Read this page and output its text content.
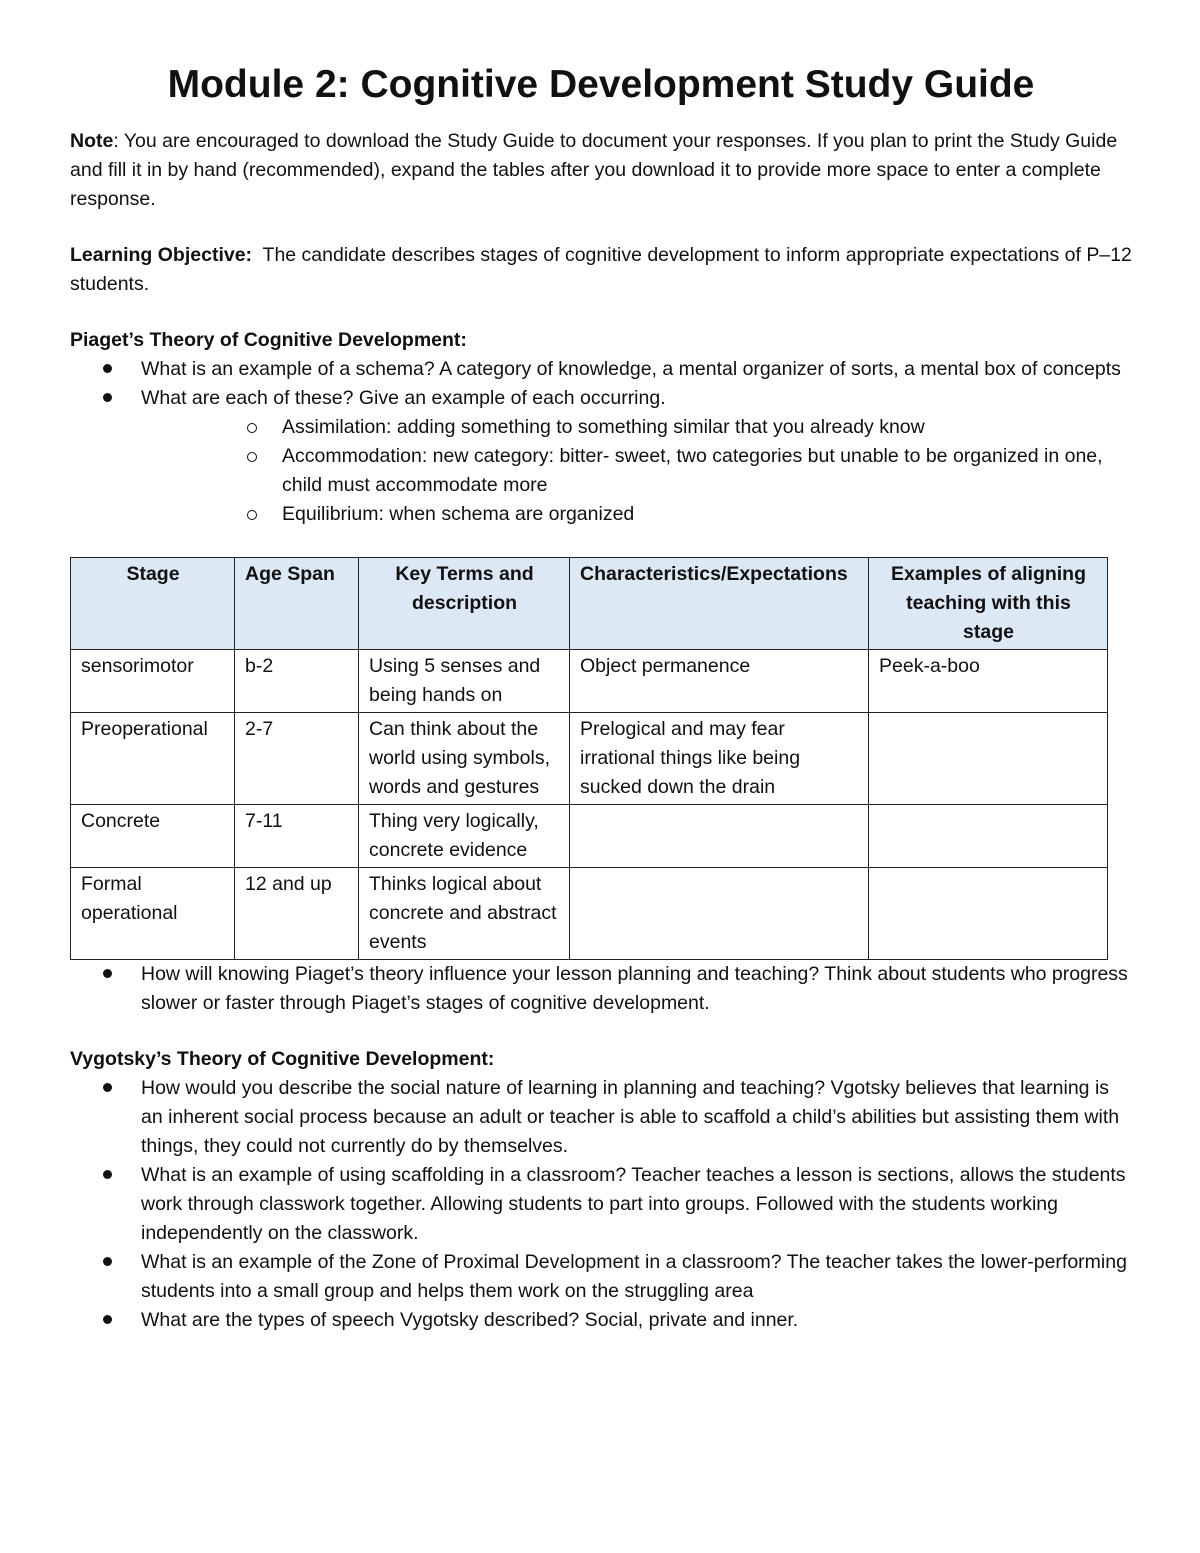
Module 2: Cognitive Development Study Guide

Note: You are encouraged to download the Study Guide to document your responses. If you plan to print the Study Guide and fill it in by hand (recommended), expand the tables after you download it to provide more space to enter a complete response.

Learning Objective: The candidate describes stages of cognitive development to inform appropriate expectations of P–12 students.

Piaget’s Theory of Cognitive Development:

What is an example of a schema? A category of knowledge, a mental organizer of sorts, a mental box of concepts
What are each of these? Give an example of each occurring.
Assimilation: adding something to something similar that you already know
Accommodation: new category: bitter- sweet, two categories but unable to be organized in one, child must accommodate more
Equilibrium: when schema are organized
Stage	Age Span	Key Terms and description	Characteristics/Expectations	Examples of aligning teaching with this stage
sensorimotor	b-2	Using 5 senses and being hands on	Object permanence	Peek-a-boo
Preoperational	2-7	Can think about the world using symbols, words and gestures	Prelogical and may fear irrational things like being sucked down the drain	
Concrete	7-11	Thing very logically, concrete evidence		
Formal operational	12 and up	Thinks logical about concrete and abstract events		
How will knowing Piaget’s theory influence your lesson planning and teaching? Think about students who progress slower or faster through Piaget’s stages of cognitive development.

Vygotsky’s Theory of Cognitive Development:

How would you describe the social nature of learning in planning and teaching? Vgotsky believes that learning is an inherent social process because an adult or teacher is able to scaffold a child’s abilities but assisting them with things, they could not currently do by themselves.
What is an example of using scaffolding in a classroom? Teacher teaches a lesson is sections, allows the students work through classwork together. Allowing students to part into groups. Followed with the students working independently on the classwork.
What is an example of the Zone of Proximal Development in a classroom? The teacher takes the lower-performing students into a small group and helps them work on the struggling area
What are the types of speech Vygotsky described? Social, private and inner.
